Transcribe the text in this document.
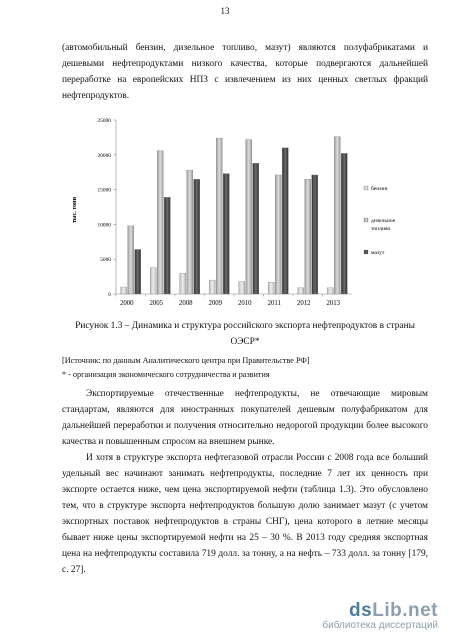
13
(автомобильный бензин, дизельное топливо, мазут) являются полуфабрикатами и дешевыми нефтепродуктами низкого качества, которые подвергаются дальнейшей переработке на европейских НПЗ с извлечением из них ценных светлых фракций нефтепродуктов.
тыс. тонн
0
5000
10000
15000
20000
25000
2000 2005 2008 2009 2010 2011 2012 2013
бензин
дизельное
топливо
мазут
Рисунок 1.3 – Динамика и структура российского экспорта нефтепродуктов в страны ОЭСР*
[Источник: по данным Аналитического центра при Правительстве РФ]
* - организация экономического сотрудничества и развития
Экспортируемые отечественные нефтепродукты, не отвечающие мировым стандартам, являются для иностранных покупателей дешевым полуфабрикатом для дальнейшей переработки и получения относительно недорогой продукции более высокого качества и повышенным спросом на внешнем рынке.
И хотя в структуре экспорта нефтегазовой отрасли России с 2008 года все больший удельный вес начинают занимать нефтепродукты, последние 7 лет их ценность при экспорте остается ниже, чем цена экспортируемой нефти (таблица 1.3). Это обусловлено тем, что в структуре экспорта нефтепродуктов большую долю занимает мазут (с учетом экспортных поставок нефтепродуктов в страны СНГ), цена которого в летние месяцы бывает ниже цены экспортируемой нефти на 25 – 30 %. В 2013 году средняя экспортная цена на нефтепродукты составила 719 долл. за тонну, а на нефть – 733 долл. за тонну [179, с. 27].
dsLib.net
библиотека диссертаций
